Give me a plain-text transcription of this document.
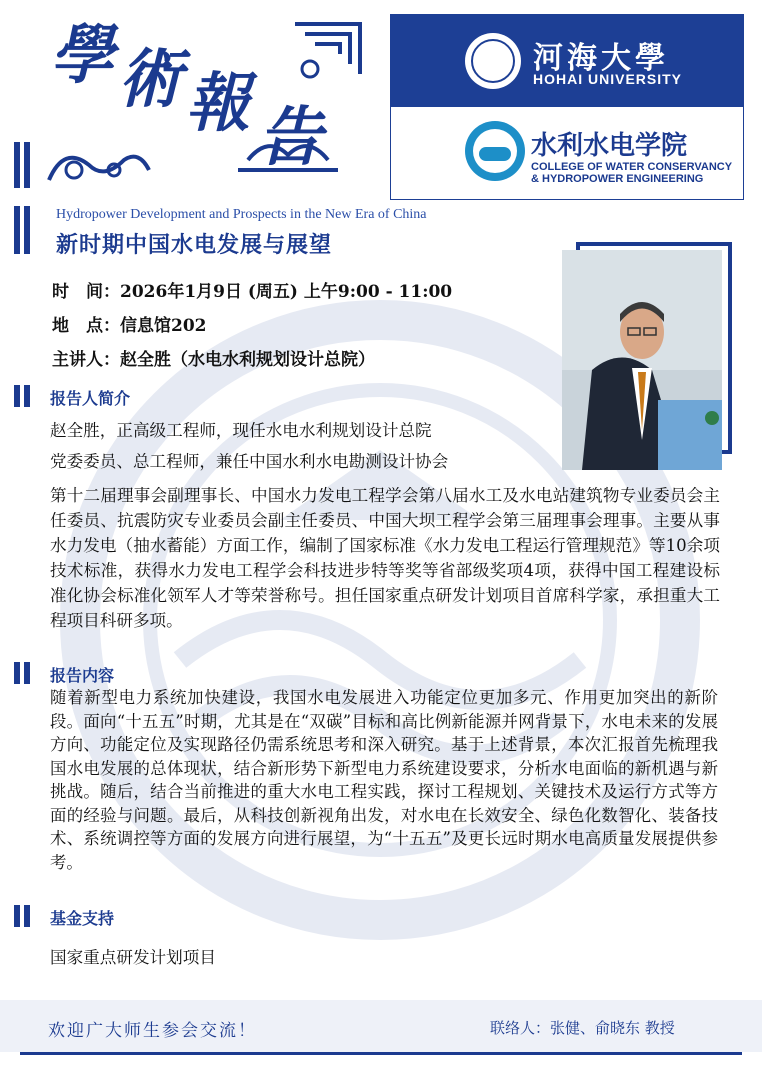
學 術 報 告
河海大學
HOHAI UNIVERSITY
水利水电学院
COLLEGE OF WATER CONSERVANCY
& HYDROPOWER ENGINEERING
Hydropower Development and Prospects in the New Era of China
新时期中国水电发展与展望
时　间：2026年1月9日 (周五) 上午9:00 - 11:00
地　点：信息馆202
主讲人：赵全胜（水电水利规划设计总院）
报告人简介
赵全胜，正高级工程师，现任水电水利规划设计总院
党委委员、总工程师，兼任中国水利水电勘测设计协会
第十二届理事会副理事长、中国水力发电工程学会第八届水工及水电站建筑物专业委员会主任委员、抗震防灾专业委员会副主任委员、中国大坝工程学会第三届理事会理事。主要从事水力发电（抽水蓄能）方面工作，编制了国家标准《水力发电工程运行管理规范》等10余项技术标准，获得水力发电工程学会科技进步特等奖等省部级奖项4项，获得中国工程建设标准化协会标准化领军人才等荣誉称号。担任国家重点研发计划项目首席科学家，承担重大工程项目科研多项。
报告内容
随着新型电力系统加快建设，我国水电发展进入功能定位更加多元、作用更加突出的新阶段。面向“十五五”时期，尤其是在“双碳”目标和高比例新能源并网背景下，水电未来的发展方向、功能定位及实现路径仍需系统思考和深入研究。基于上述背景，本次汇报首先梳理我国水电发展的总体现状，结合新形势下新型电力系统建设要求，分析水电面临的新机遇与新挑战。随后，结合当前推进的重大水电工程实践，探讨工程规划、关键技术及运行方式等方面的经验与问题。最后，从科技创新视角出发，对水电在长效安全、绿色化数智化、装备技术、系统调控等方面的发展方向进行展望，为“十五五”及更长远时期水电高质量发展提供参考。
基金支持
国家重点研发计划项目
欢迎广大师生参会交流！	联络人：张健、俞晓东 教授
